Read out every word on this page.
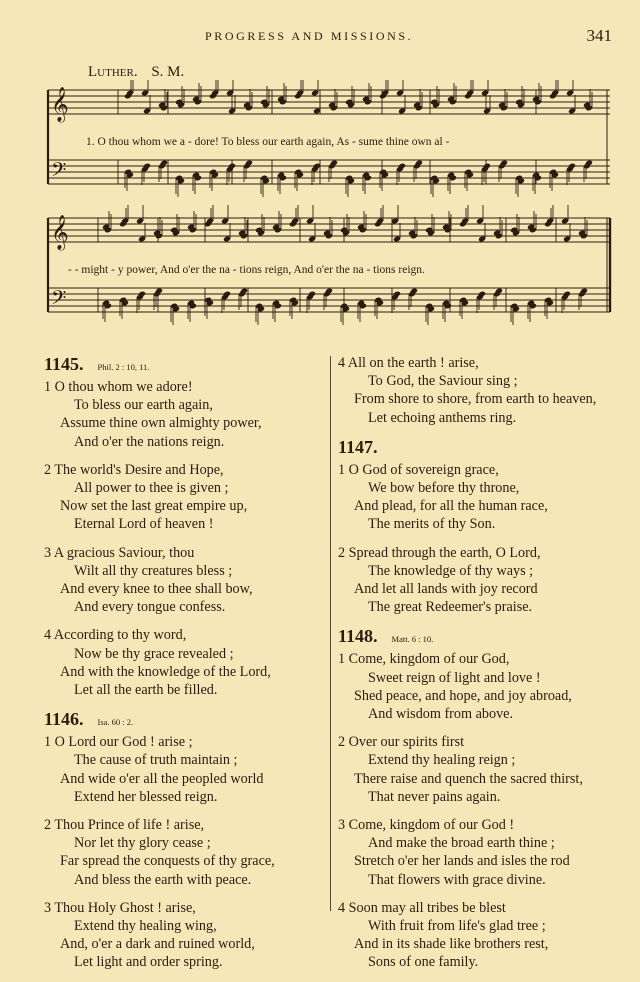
PROGRESS AND MISSIONS.	341
Luther. S. M.
𝄞
𝄢
𝄞
𝄢
1. O thou whom we a - dore! To bless our earth again, As - sume thine own al -
- - might - y power, And o'er the na - tions reign, And o'er the na - tions reign.
1145. Phil. 2 : 10, 11.
1 O thou whom we adore!
To bless our earth again,
Assume thine own almighty power,
And o'er the nations reign.
2 The world's Desire and Hope,
All power to thee is given ;
Now set the last great empire up,
Eternal Lord of heaven !
3 A gracious Saviour, thou
Wilt all thy creatures bless ;
And every knee to thee shall bow,
And every tongue confess.
4 According to thy word,
Now be thy grace revealed ;
And with the knowledge of the Lord,
Let all the earth be filled.
1146. Isa. 60 : 2.
1 O Lord our God ! arise ;
The cause of truth maintain ;
And wide o'er all the peopled world
Extend her blessed reign.
2 Thou Prince of life ! arise,
Nor let thy glory cease ;
Far spread the conquests of thy grace,
And bless the earth with peace.
3 Thou Holy Ghost ! arise,
Extend thy healing wing,
And, o'er a dark and ruined world,
Let light and order spring.
4 All on the earth ! arise,
To God, the Saviour sing ;
From shore to shore, from earth to heaven,
Let echoing anthems ring.
1147.
1 O God of sovereign grace,
We bow before thy throne,
And plead, for all the human race,
The merits of thy Son.
2 Spread through the earth, O Lord,
The knowledge of thy ways ;
And let all lands with joy record
The great Redeemer's praise.
1148. Matt. 6 : 10.
1 Come, kingdom of our God,
Sweet reign of light and love !
Shed peace, and hope, and joy abroad,
And wisdom from above.
2 Over our spirits first
Extend thy healing reign ;
There raise and quench the sacred thirst,
That never pains again.
3 Come, kingdom of our God !
And make the broad earth thine ;
Stretch o'er her lands and isles the rod
That flowers with grace divine.
4 Soon may all tribes be blest
With fruit from life's glad tree ;
And in its shade like brothers rest,
Sons of one family.
